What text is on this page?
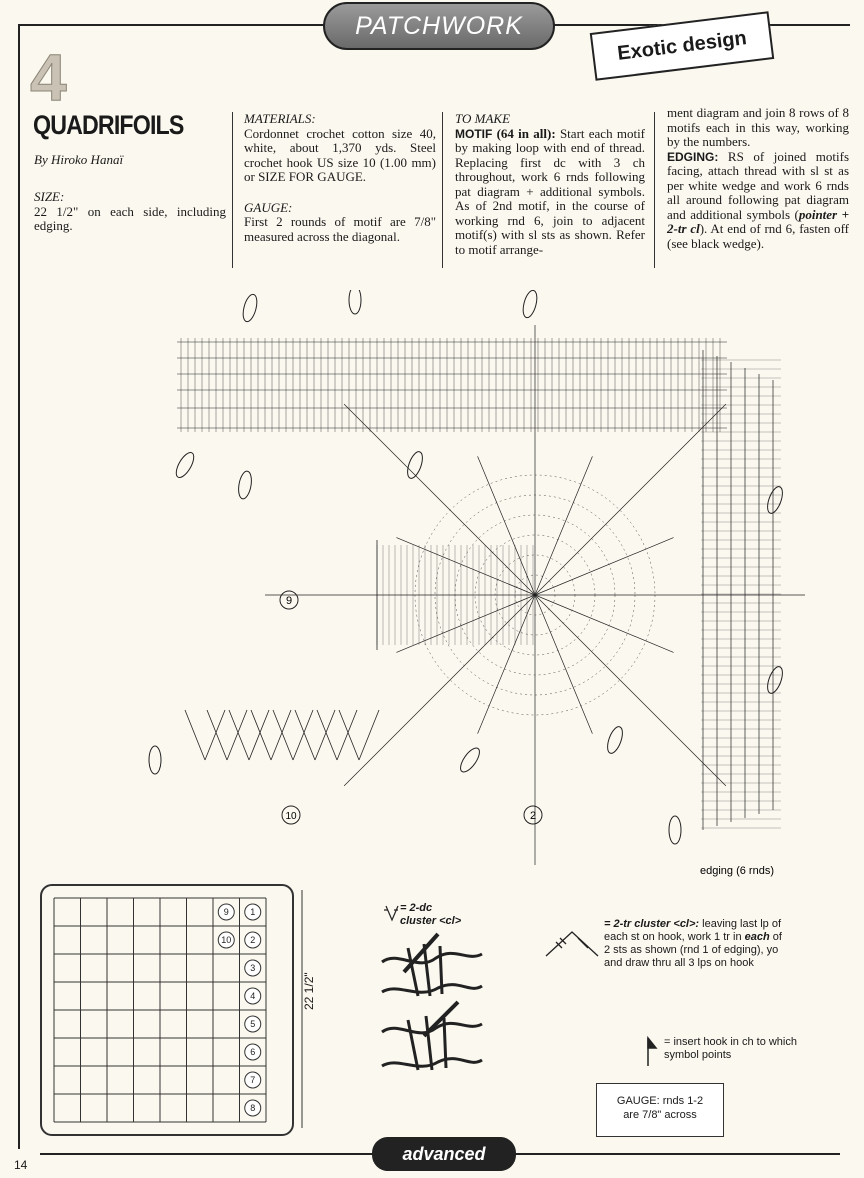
PATCHWORK
Exotic design
4
QUADRIFOILS
By Hiroko Hanaï
SIZE:
22 1/2" on each side, including edging.
MATERIALS:
Cordonnet crochet cotton size 40, white, about 1,370 yds. Steel crochet hook US size 10 (1.00 mm) or SIZE FOR GAUGE.
GAUGE:
First 2 rounds of motif are 7/8" measured across the diagonal.
TO MAKE
MOTIF (64 in all): Start each motif by making loop with end of thread. Replacing first dc with 3 ch throughout, work 6 rnds following pat diagram + additional symbols. As of 2nd motif, in the course of working rnd 6, join to adjacent motif(s) with sl sts as shown. Refer to motif arrange-
ment diagram and join 8 rows of 8 motifs each in this way, working by the numbers.
EDGING: RS of joined motifs facing, attach thread with sl st as per white wedge and work 6 rnds all around following pat diagram and additional symbols (pointer + 2-tr cl). At end of rnd 6, fasten off (see black wedge).
9
10	2
edging (6 rnds)
9
10
1
2
3
4
5
6
7
8
22 1/2"
= 2-dc
cluster <cl>	= 2-tr cluster <cl>: leaving last lp of each st on hook, work 1 tr in each of 2 sts as shown (rnd 1 of edging), yo and draw thru all 3 lps on hook
= insert hook in ch to which symbol points
GAUGE: rnds 1-2
are 7/8" across
advanced
14
